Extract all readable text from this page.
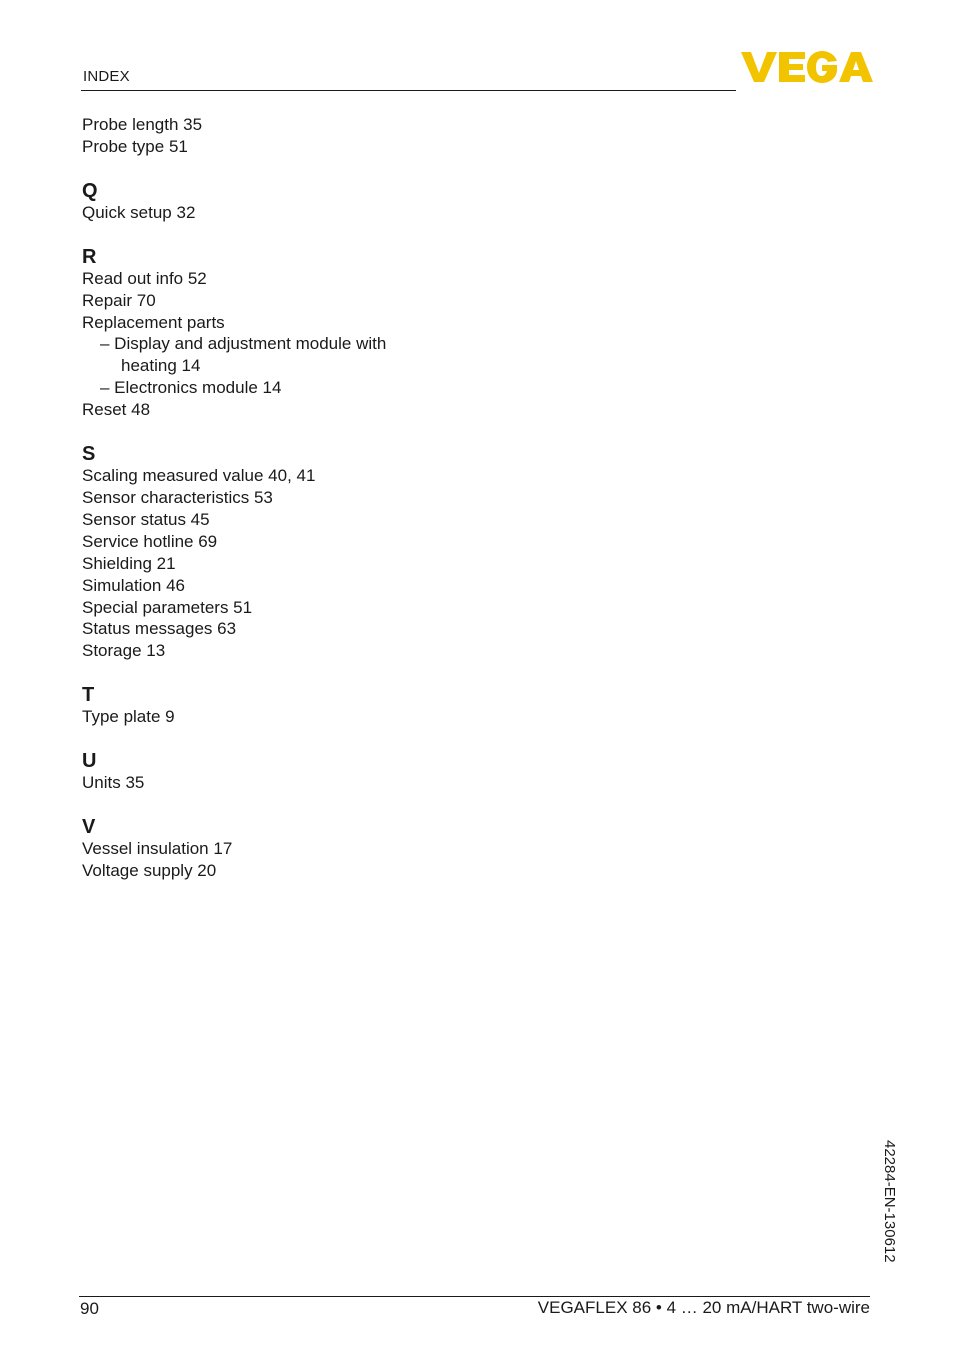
INDEX
Probe length 35
Probe type 51
Q
Quick setup 32
R
Read out info 52
Repair 70
Replacement parts
– Display and adjustment module with
heating 14
– Electronics module 14
Reset 48
S
Scaling measured value 40, 41
Sensor characteristics 53
Sensor status 45
Service hotline 69
Shielding 21
Simulation 46
Special parameters 51
Status messages 63
Storage 13
T
Type plate 9
U
Units 35
V
Vessel insulation 17
Voltage supply 20
42284-EN-130612
90	VEGAFLEX 86 • 4 … 20 mA/HART two-wire
